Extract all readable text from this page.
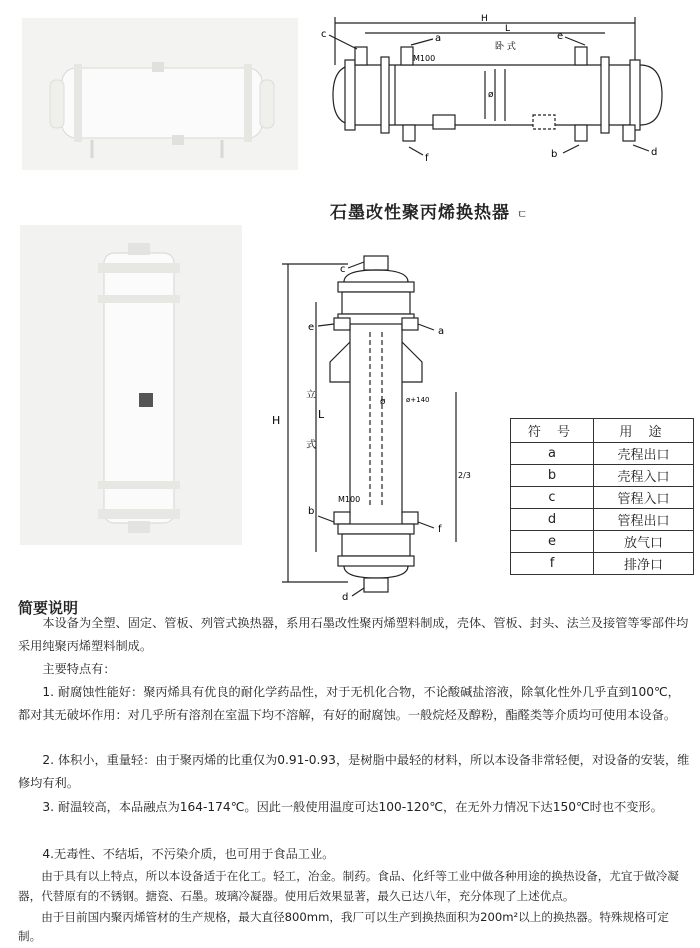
H
L
c	a	e
M100
卧 式
ø
f	b	d
石墨改性聚丙烯换热器 ㄷ
c
e	a
立
H	L
式
ø	ø+140
2/3
M100
b
f
d
符 号	用 途
a	壳程出口
b	壳程入口
c	管程入口
d	管程出口
e	放气口
f	排净口
简要说明

本设备为全塑、固定、管板、列管式换热器，系用石墨改性聚丙烯塑料制成，壳体、管板、封头、法兰及接管等零部件均采用纯聚丙烯塑料制成。

主要特点有：

1. 耐腐蚀性能好：聚丙烯具有优良的耐化学药品性，对于无机化合物，不论酸碱盐溶液，除氧化性外几乎直到100℃，都对其无破坏作用：对几乎所有溶剂在室温下均不溶解，有好的耐腐蚀。一般烷烃及醇粉，酯醛类等介质均可使用本设备。

2. 体积小，重量轻：由于聚丙烯的比重仅为0.91-0.93，是树脂中最轻的材料，所以本设备非常轻便，对设备的安装，维修均有利。

3. 耐温较高，本品融点为164-174℃。因此一般使用温度可达100-120℃，在无外力情况下达150℃时也不变形。

4.无毒性、不结垢，不污染介质，也可用于食品工业。

由于具有以上特点，所以本设备适于在化工。轻工，冶金。制药。食品、化纤等工业中做各种用途的换热设备，尤宜于做冷凝器，代替原有的不锈钢。搪瓷、石墨。玻璃冷凝器。使用后效果显著，最久已达八年，充分体现了上述优点。

由于目前国内聚丙烯管材的生产规格，最大直径800mm，我厂可以生产到换热面积为200m²以上的换热器。特殊规格可定制。
